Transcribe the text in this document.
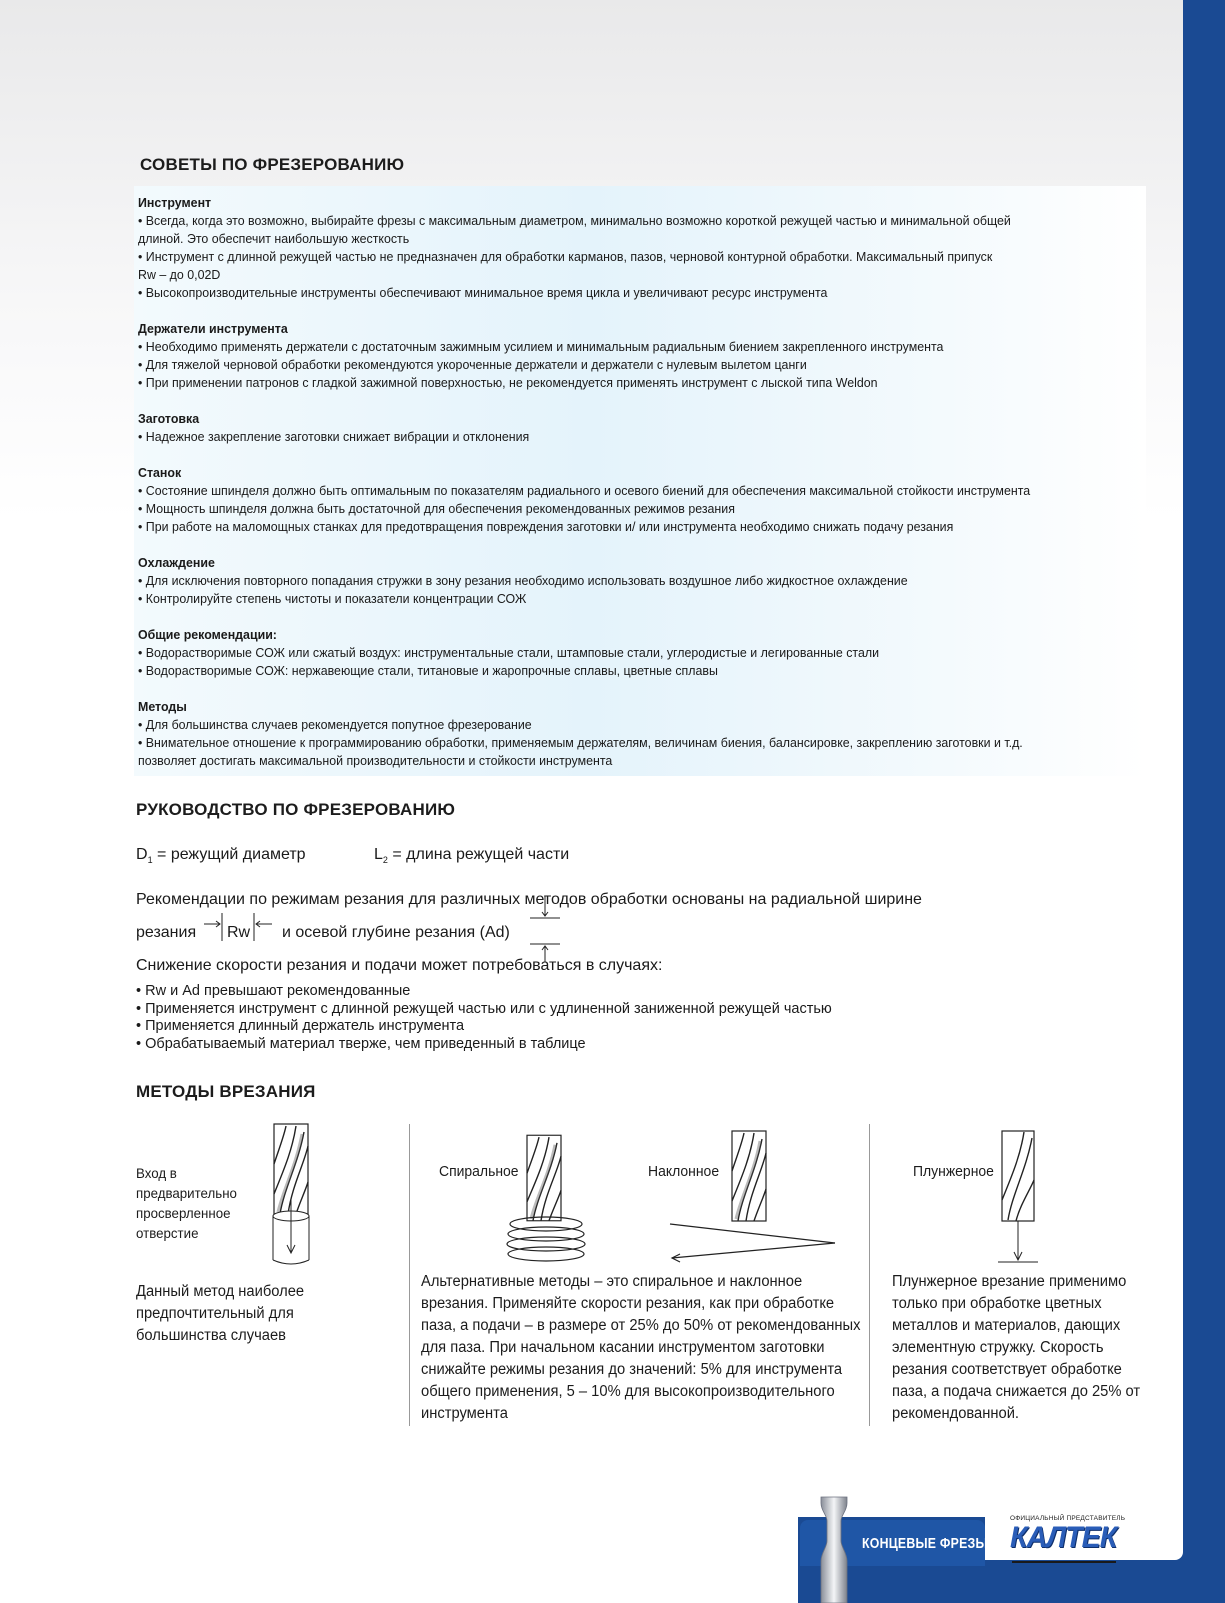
СОВЕТЫ ПО ФРЕЗЕРОВАНИЮ
Инструмент
• Всегда, когда это возможно, выбирайте фрезы с максимальным диаметром, минимально возможно короткой режущей частью и минимальной общей
длиной. Это обеспечит наибольшую жесткость
• Инструмент с длинной режущей частью не предназначен для обработки карманов, пазов, черновой контурной обработки. Максимальный припуск
Rw – до 0,02D
• Высокопроизводительные инструменты обеспечивают минимальное время цикла и увеличивают ресурс инструмента
Держатели инструмента
• Необходимо применять держатели с достаточным зажимным усилием и минимальным радиальным биением закрепленного инструмента
• Для тяжелой черновой обработки рекомендуются укороченные держатели и держатели с нулевым вылетом цанги
• При применении патронов с гладкой зажимной поверхностью, не рекомендуется применять инструмент с лыской типа Weldon
Заготовка
• Надежное закрепление заготовки снижает вибрации и отклонения
Станок
• Состояние шпинделя должно быть оптимальным по показателям радиального и осевого биений для обеспечения максимальной стойкости инструмента
• Мощность шпинделя должна быть достаточной для обеспечения рекомендованных режимов резания
• При работе на маломощных станках для предотвращения повреждения заготовки и/ или инструмента необходимо снижать подачу резания
Охлаждение
• Для исключения повторного попадания стружки в зону резания необходимо использовать воздушное либо жидкостное охлаждение
• Контролируйте степень чистоты и показатели концентрации СОЖ
Общие рекомендации:
• Водорастворимые СОЖ или сжатый воздух: инструментальные стали, штамповые стали, углеродистые и легированные стали
• Водорастворимые СОЖ: нержавеющие стали, титановые и жаропрочные сплавы, цветные сплавы
Методы
• Для большинства случаев рекомендуется попутное фрезерование
• Внимательное отношение к программированию обработки, применяемым держателям, величинам биения, балансировке, закреплению заготовки и т.д.
позволяет достигать максимальной производительности и стойкости инструмента
РУКОВОДСТВО ПО ФРЕЗЕРОВАНИЮ
$D_1$ = режущий диаметр	$L_2$ = длина режущей части
Рекомендации по режимам резания для различных методов обработки основаны на радиальной ширине
резания Rw и осевой глубине резания (Ad)
Снижение скорости резания и подачи может потребоваться в случаях:
• Rw и Ad превышают рекомендованные
• Применяется инструмент с длинной режущей частью или с удлиненной заниженной режущей частью
• Применяется длинный держатель инструмента
• Обрабатываемый материал тверже, чем приведенный в таблице
МЕТОДЫ ВРЕЗАНИЯ
Вход в
предварительно
просверленное
отверстие
Данный метод наиболее
предпочтительный для
большинства случаев
Спиральное	Наклонное
Альтернативные методы – это спиральное и наклонное
врезания. Применяйте скорости резания, как при обработке
паза, а подачи – в размере от 25% до 50% от рекомендованных
для паза. При начальном касании инструментом заготовки
снижайте режимы резания до значений: 5% для инструмента
общего применения, 5 – 10% для высокопроизводительного
инструмента
Плунжерное
Плунжерное врезание применимо
только при обработке цветных
металлов и материалов, дающих
элементную стружку. Скорость
резания соответствует обработке
паза, а подача снижается до 25% от
рекомендованной.
КОНЦЕВЫЕ ФРЕЗЫ
ОФИЦИАЛЬНЫЙ ПРЕДСТАВИТЕЛЬ
КАЛТЕК
